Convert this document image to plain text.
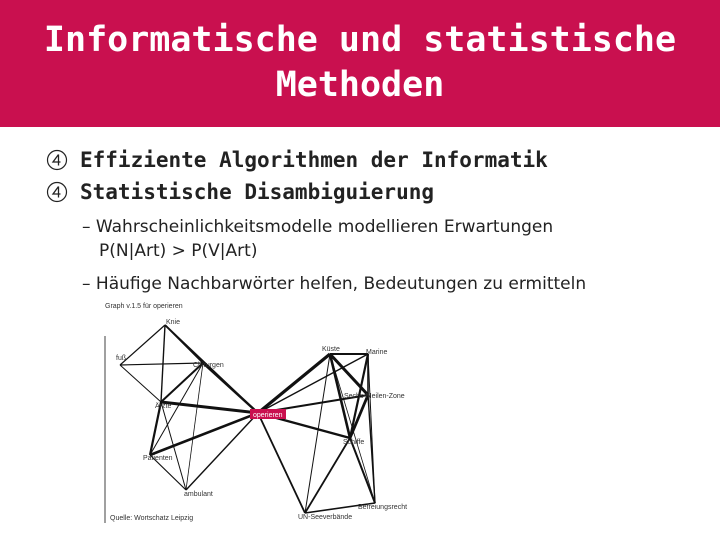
Informatische und statistische
Methoden
Effiziente Algorithmen der Informatik
Statistische Disambiguierung
– Wahrscheinlichkeitsmodelle modellieren Erwartungen
P(N|Art) > P(V|Art)
– Häufige Nachbarwörter helfen, Bedeutungen zu ermitteln
Graph v.1.5 für operieren
Knie
fuß
Chirurgen
Ärzte
Patienten
ambulant
operieren
Küste	Marine
Sechs-Meilen-Zone
Schiffe
Befreiungsrecht
UN-Seeverbände
Quelle: Wortschatz Leipzig
